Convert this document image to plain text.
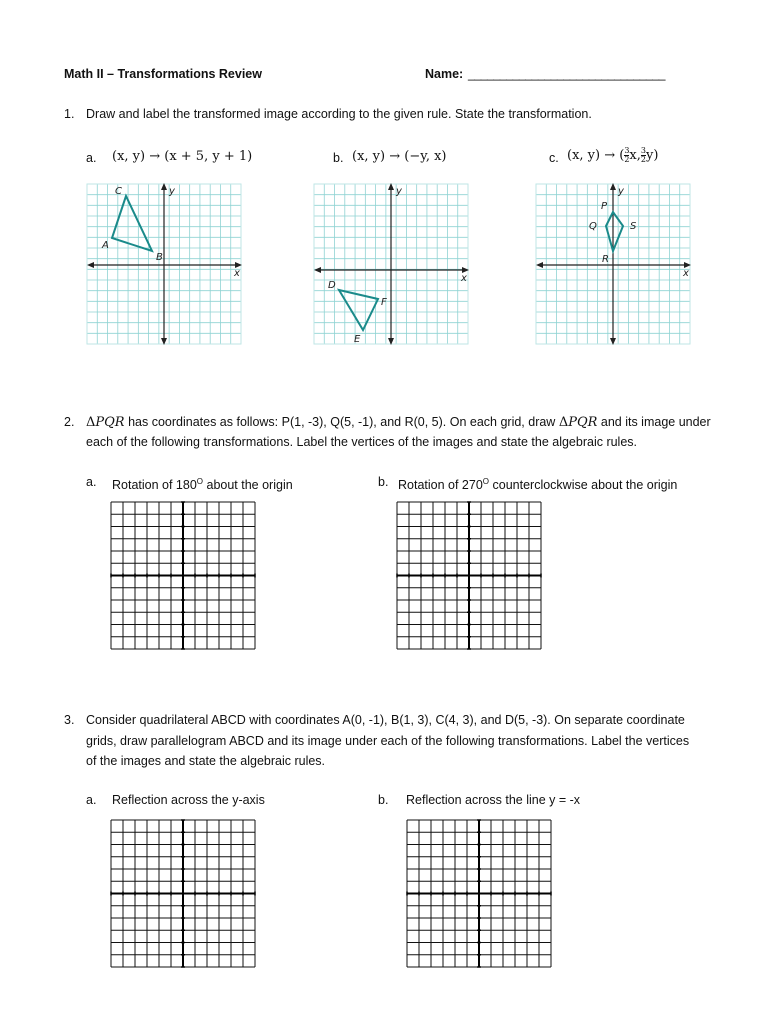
Math II – Transformations Review	Name: _______________________________
1. Draw and label the transformed image according to the given rule. State the transformation.
a. (x, y) → (x + 5, y + 1)	b. (x, y) → (−y, x)	c. (x, y) → ( $\frac{3}{2} x$, $\frac{3}{2} y$)
x
y
C
A
B
x
y
D
F
E
x
y
P
Q	S
R
2. ΔPQR has coordinates as follows: P(1, -3), Q(5, -1), and R(0, 5). On each grid, draw ΔPQR and its image under
each of the following transformations. Label the vertices of the images and state the algebraic rules.
a. Rotation of $180^O$ about the origin	b. Rotation of $270^O$ counterclockwise about the origin
3. Consider quadrilateral ABCD with coordinates A(0, -1), B(1, 3), C(4, 3), and D(5, -3). On separate coordinate
grids, draw parallelogram ABCD and its image under each of the following transformations. Label the vertices
of the images and state the algebraic rules.
a. Reflection across the y-axis	b. Reflection across the line y = -x
